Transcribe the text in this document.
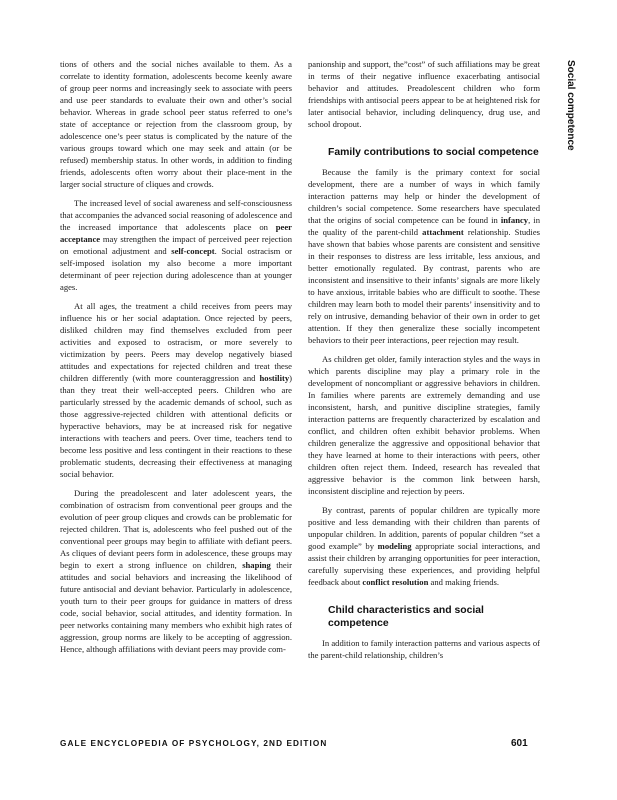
tions of others and the social niches available to them. As a correlate to identity formation, adolescents become keenly aware of group peer norms and increasingly seek to associate with peers and use peer standards to evaluate their own and other’s social behavior. Whereas in grade school peer status referred to one’s state of acceptance or rejection from the classroom group, by adolescence one’s peer status is complicated by the nature of the various groups toward which one may seek and attain (or be refused) membership status. In other words, in addition to finding friends, adolescents often worry about their place-ment in the larger social structure of cliques and crowds.

The increased level of social awareness and self-consciousness that accompanies the advanced social reasoning of adolescence and the increased importance that adolescents place on peer acceptance may strengthen the impact of perceived peer rejection on emotional adjustment and self-concept. Social ostracism or self-imposed isolation my also become a more important determinant of peer rejection during adolescence than at younger ages.

At all ages, the treatment a child receives from peers may influence his or her social adaptation. Once rejected by peers, disliked children may find themselves excluded from peer activities and exposed to ostracism, or more severely to victimization by peers. Peers may develop negatively biased attitudes and expectations for rejected children and treat these children differently (with more counteraggression and hostility) than they treat their well-accepted peers. Children who are particularly stressed by the academic demands of school, such as those aggressive-rejected children with attentional deficits or hyperactive behaviors, may be at increased risk for negative interactions with teachers and peers. Over time, teachers tend to become less positive and less contingent in their reactions to these problematic students, decreasing their effectiveness at managing social behavior.

During the preadolescent and later adolescent years, the combination of ostracism from conventional peer groups and the evolution of peer group cliques and crowds can be problematic for rejected children. That is, adolescents who feel pushed out of the conventional peer groups may begin to affiliate with defiant peers. As cliques of deviant peers form in adolescence, these groups may begin to exert a strong influence on children, shaping their attitudes and social behaviors and increasing the likelihood of future antisocial and deviant behavior. Particularly in adolescence, youth turn to their peer groups for guidance in matters of dress code, social behavior, social attitudes, and identity formation. In peer networks containing many members who exhibit high rates of aggression, group norms are likely to be accepting of aggression. Hence, although affiliations with deviant peers may provide com-

panionship and support, the”cost” of such affiliations may be great in terms of their negative influence exacerbating antisocial behavior and attitudes. Preadolescent children who form friendships with antisocial peers appear to be at heightened risk for later antisocial behavior, including delinquency, drug use, and school dropout.

Family contributions to social competence

Because the family is the primary context for social development, there are a number of ways in which family interaction patterns may help or hinder the development of children’s social competence. Some researchers have speculated that the origins of social competence can be found in infancy, in the quality of the parent-child attachment relationship. Studies have shown that babies whose parents are consistent and sensitive in their responses to distress are less irritable, less anxious, and better emotionally regulated. By contrast, parents who are inconsistent and insensitive to their infants’ signals are more likely to have anxious, irritable babies who are difficult to soothe. These children may learn both to model their parents’ insensitivity and to rely on intrusive, demanding behavior of their own in order to get attention. If they then generalize these socially incompetent behaviors to their peer interactions, peer rejection may result.

As children get older, family interaction styles and the ways in which parents discipline may play a primary role in the development of noncompliant or aggressive behaviors in children. In families where parents are extremely demanding and use inconsistent, harsh, and punitive discipline strategies, family interaction patterns are frequently characterized by escalation and conflict, and children often exhibit behavior problems. When children generalize the aggressive and oppositional behavior that they have learned at home to their interactions with peers, other children often reject them. Indeed, research has revealed that aggressive behavior is the common link between harsh, inconsistent discipline and rejection by peers.

By contrast, parents of popular children are typically more positive and less demanding with their children than parents of unpopular children. In addition, parents of popular children “set a good example” by modeling appropriate social interactions, and assist their children by arranging opportunities for peer interaction, carefully supervising these experiences, and providing helpful feedback about conflict resolution and making friends.

Child characteristics and social competence

In addition to family interaction patterns and various aspects of the parent-child relationship, children’s

Social competence
GALE ENCYCLOPEDIA OF PSYCHOLOGY, 2ND EDITION	601
